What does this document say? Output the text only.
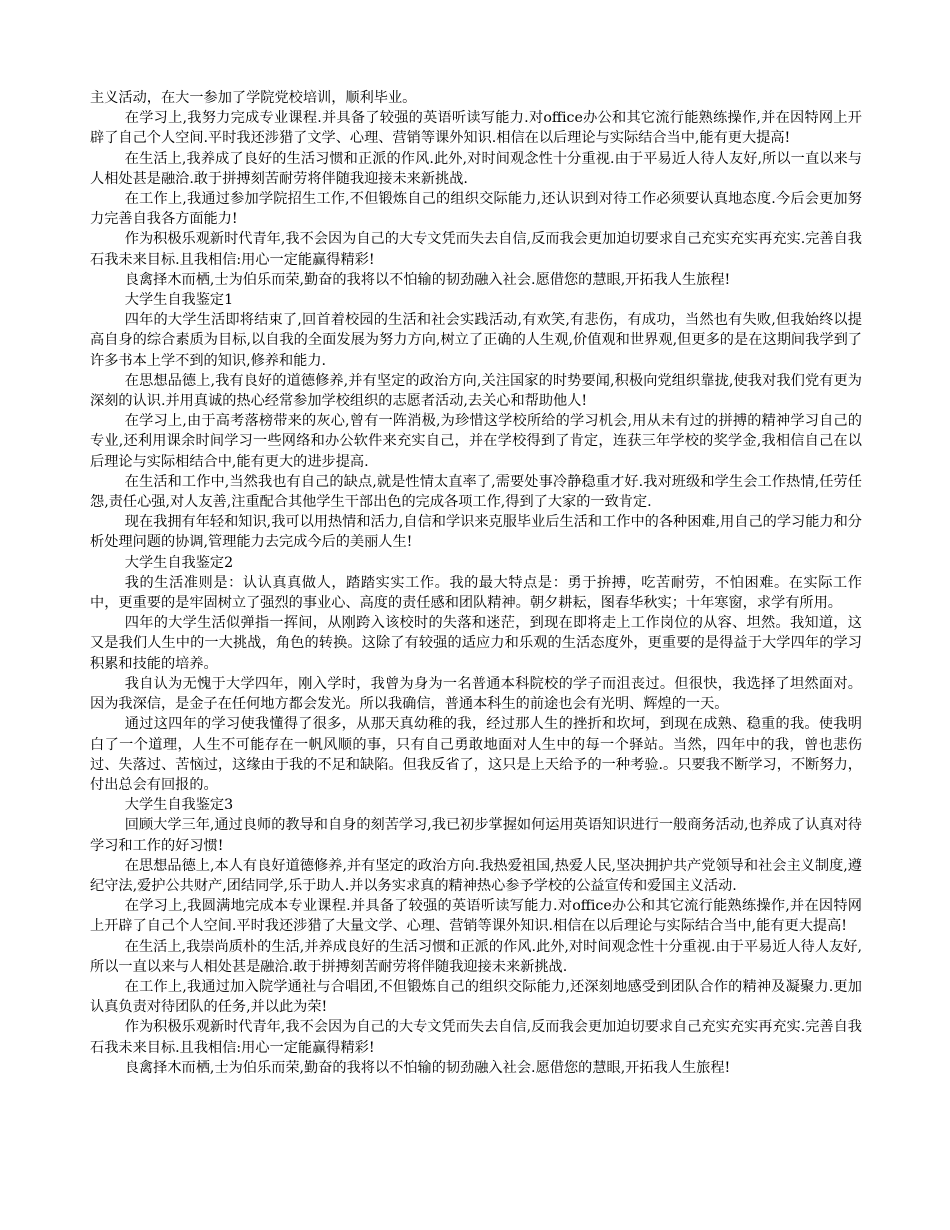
主义活动，在大一参加了学院党校培训，顺利毕业。

在学习上,我努力完成专业课程.并具备了较强的英语听读写能力.对office办公和其它流行能熟练操作,并在因特网上开辟了自己个人空间.平时我还涉猎了文学、心理、营销等课外知识.相信在以后理论与实际结合当中,能有更大提高!

在生活上,我养成了良好的生活习惯和正派的作风.此外,对时间观念性十分重视.由于平易近人待人友好,所以一直以来与人相处甚是融洽.敢于拼搏刻苦耐劳将伴随我迎接未来新挑战.

在工作上,我通过参加学院招生工作,不但锻炼自己的组织交际能力,还认识到对待工作必须要认真地态度.今后会更加努力完善自我各方面能力!

作为积极乐观新时代青年,我不会因为自己的大专文凭而失去自信,反而我会更加迫切要求自己充实充实再充实.完善自我石我未来目标.且我相信:用心一定能赢得精彩!

良禽择木而栖,士为伯乐而荣,勤奋的我将以不怕输的韧劲融入社会.愿借您的慧眼,开拓我人生旅程!

大学生自我鉴定1

四年的大学生活即将结束了,回首着校园的生活和社会实践活动,有欢笑,有悲伤，有成功，当然也有失败,但我始终以提高自身的综合素质为目标,以自我的全面发展为努力方向,树立了正确的人生观,价值观和世界观,但更多的是在这期间我学到了许多书本上学不到的知识,修养和能力.

在思想品德上,我有良好的道德修养,并有坚定的政治方向,关注国家的时势要闻,积极向党组织靠拢,使我对我们党有更为深刻的认识.并用真诚的热心经常参加学校组织的志愿者活动,去关心和帮助他人!

在学习上,由于高考落榜带来的灰心,曾有一阵消极,为珍惜这学校所给的学习机会,用从未有过的拼搏的精神学习自己的专业,还利用课余时间学习一些网络和办公软件来充实自己，并在学校得到了肯定，连获三年学校的奖学金,我相信自己在以后理论与实际相结合中,能有更大的进步提高.

在生活和工作中,当然我也有自己的缺点,就是性情太直率了,需要处事冷静稳重才好.我对班级和学生会工作热情,任劳任怨,责任心强,对人友善,注重配合其他学生干部出色的完成各项工作,得到了大家的一致肯定.

现在我拥有年轻和知识,我可以用热情和活力,自信和学识来克服毕业后生活和工作中的各种困难,用自己的学习能力和分析处理问题的协调,管理能力去完成今后的美丽人生!

大学生自我鉴定2

我的生活准则是：认认真真做人，踏踏实实工作。我的最大特点是：勇于拚搏，吃苦耐劳，不怕困难。在实际工作中，更重要的是牢固树立了强烈的事业心、高度的责任感和团队精神。朝夕耕耘，图春华秋实；十年寒窗，求学有所用。

四年的大学生活似弹指一挥间，从刚跨入该校时的失落和迷茫，到现在即将走上工作岗位的从容、坦然。我知道，这又是我们人生中的一大挑战，角色的转换。这除了有较强的适应力和乐观的生活态度外，更重要的是得益于大学四年的学习积累和技能的培养。

我自认为无愧于大学四年，刚入学时，我曾为身为一名普通本科院校的学子而沮丧过。但很快，我选择了坦然面对。因为我深信，是金子在任何地方都会发光。所以我确信，普通本科生的前途也会有光明、辉煌的一天。

通过这四年的学习使我懂得了很多，从那天真幼稚的我，经过那人生的挫折和坎坷，到现在成熟、稳重的我。使我明白了一个道理，人生不可能存在一帆风顺的事，只有自己勇敢地面对人生中的每一个驿站。当然，四年中的我，曾也悲伤过、失落过、苦恼过，这缘由于我的不足和缺陷。但我反省了，这只是上天给予的一种考验.。只要我不断学习，不断努力，付出总会有回报的。

大学生自我鉴定3

回顾大学三年,通过良师的教导和自身的刻苦学习,我已初步掌握如何运用英语知识进行一般商务活动,也养成了认真对待学习和工作的好习惯!

在思想品德上,本人有良好道德修养,并有坚定的政治方向.我热爱祖国,热爱人民,坚决拥护共产党领导和社会主义制度,遵纪守法,爱护公共财产,团结同学,乐于助人.并以务实求真的精神热心参予学校的公益宣传和爱国主义活动.

在学习上,我圆满地完成本专业课程.并具备了较强的英语听读写能力.对office办公和其它流行能熟练操作,并在因特网上开辟了自己个人空间.平时我还涉猎了大量文学、心理、营销等课外知识.相信在以后理论与实际结合当中,能有更大提高!

在生活上,我崇尚质朴的生活,并养成良好的生活习惯和正派的作风.此外,对时间观念性十分重视.由于平易近人待人友好,所以一直以来与人相处甚是融洽.敢于拼搏刻苦耐劳将伴随我迎接未来新挑战.

在工作上,我通过加入院学通社与合唱团,不但锻炼自己的组织交际能力,还深刻地感受到团队合作的精神及凝聚力.更加认真负责对待团队的任务,并以此为荣!

作为积极乐观新时代青年,我不会因为自己的大专文凭而失去自信,反而我会更加迫切要求自己充实充实再充实.完善自我石我未来目标.且我相信:用心一定能赢得精彩!

良禽择木而栖,士为伯乐而荣,勤奋的我将以不怕输的韧劲融入社会.愿借您的慧眼,开拓我人生旅程!
